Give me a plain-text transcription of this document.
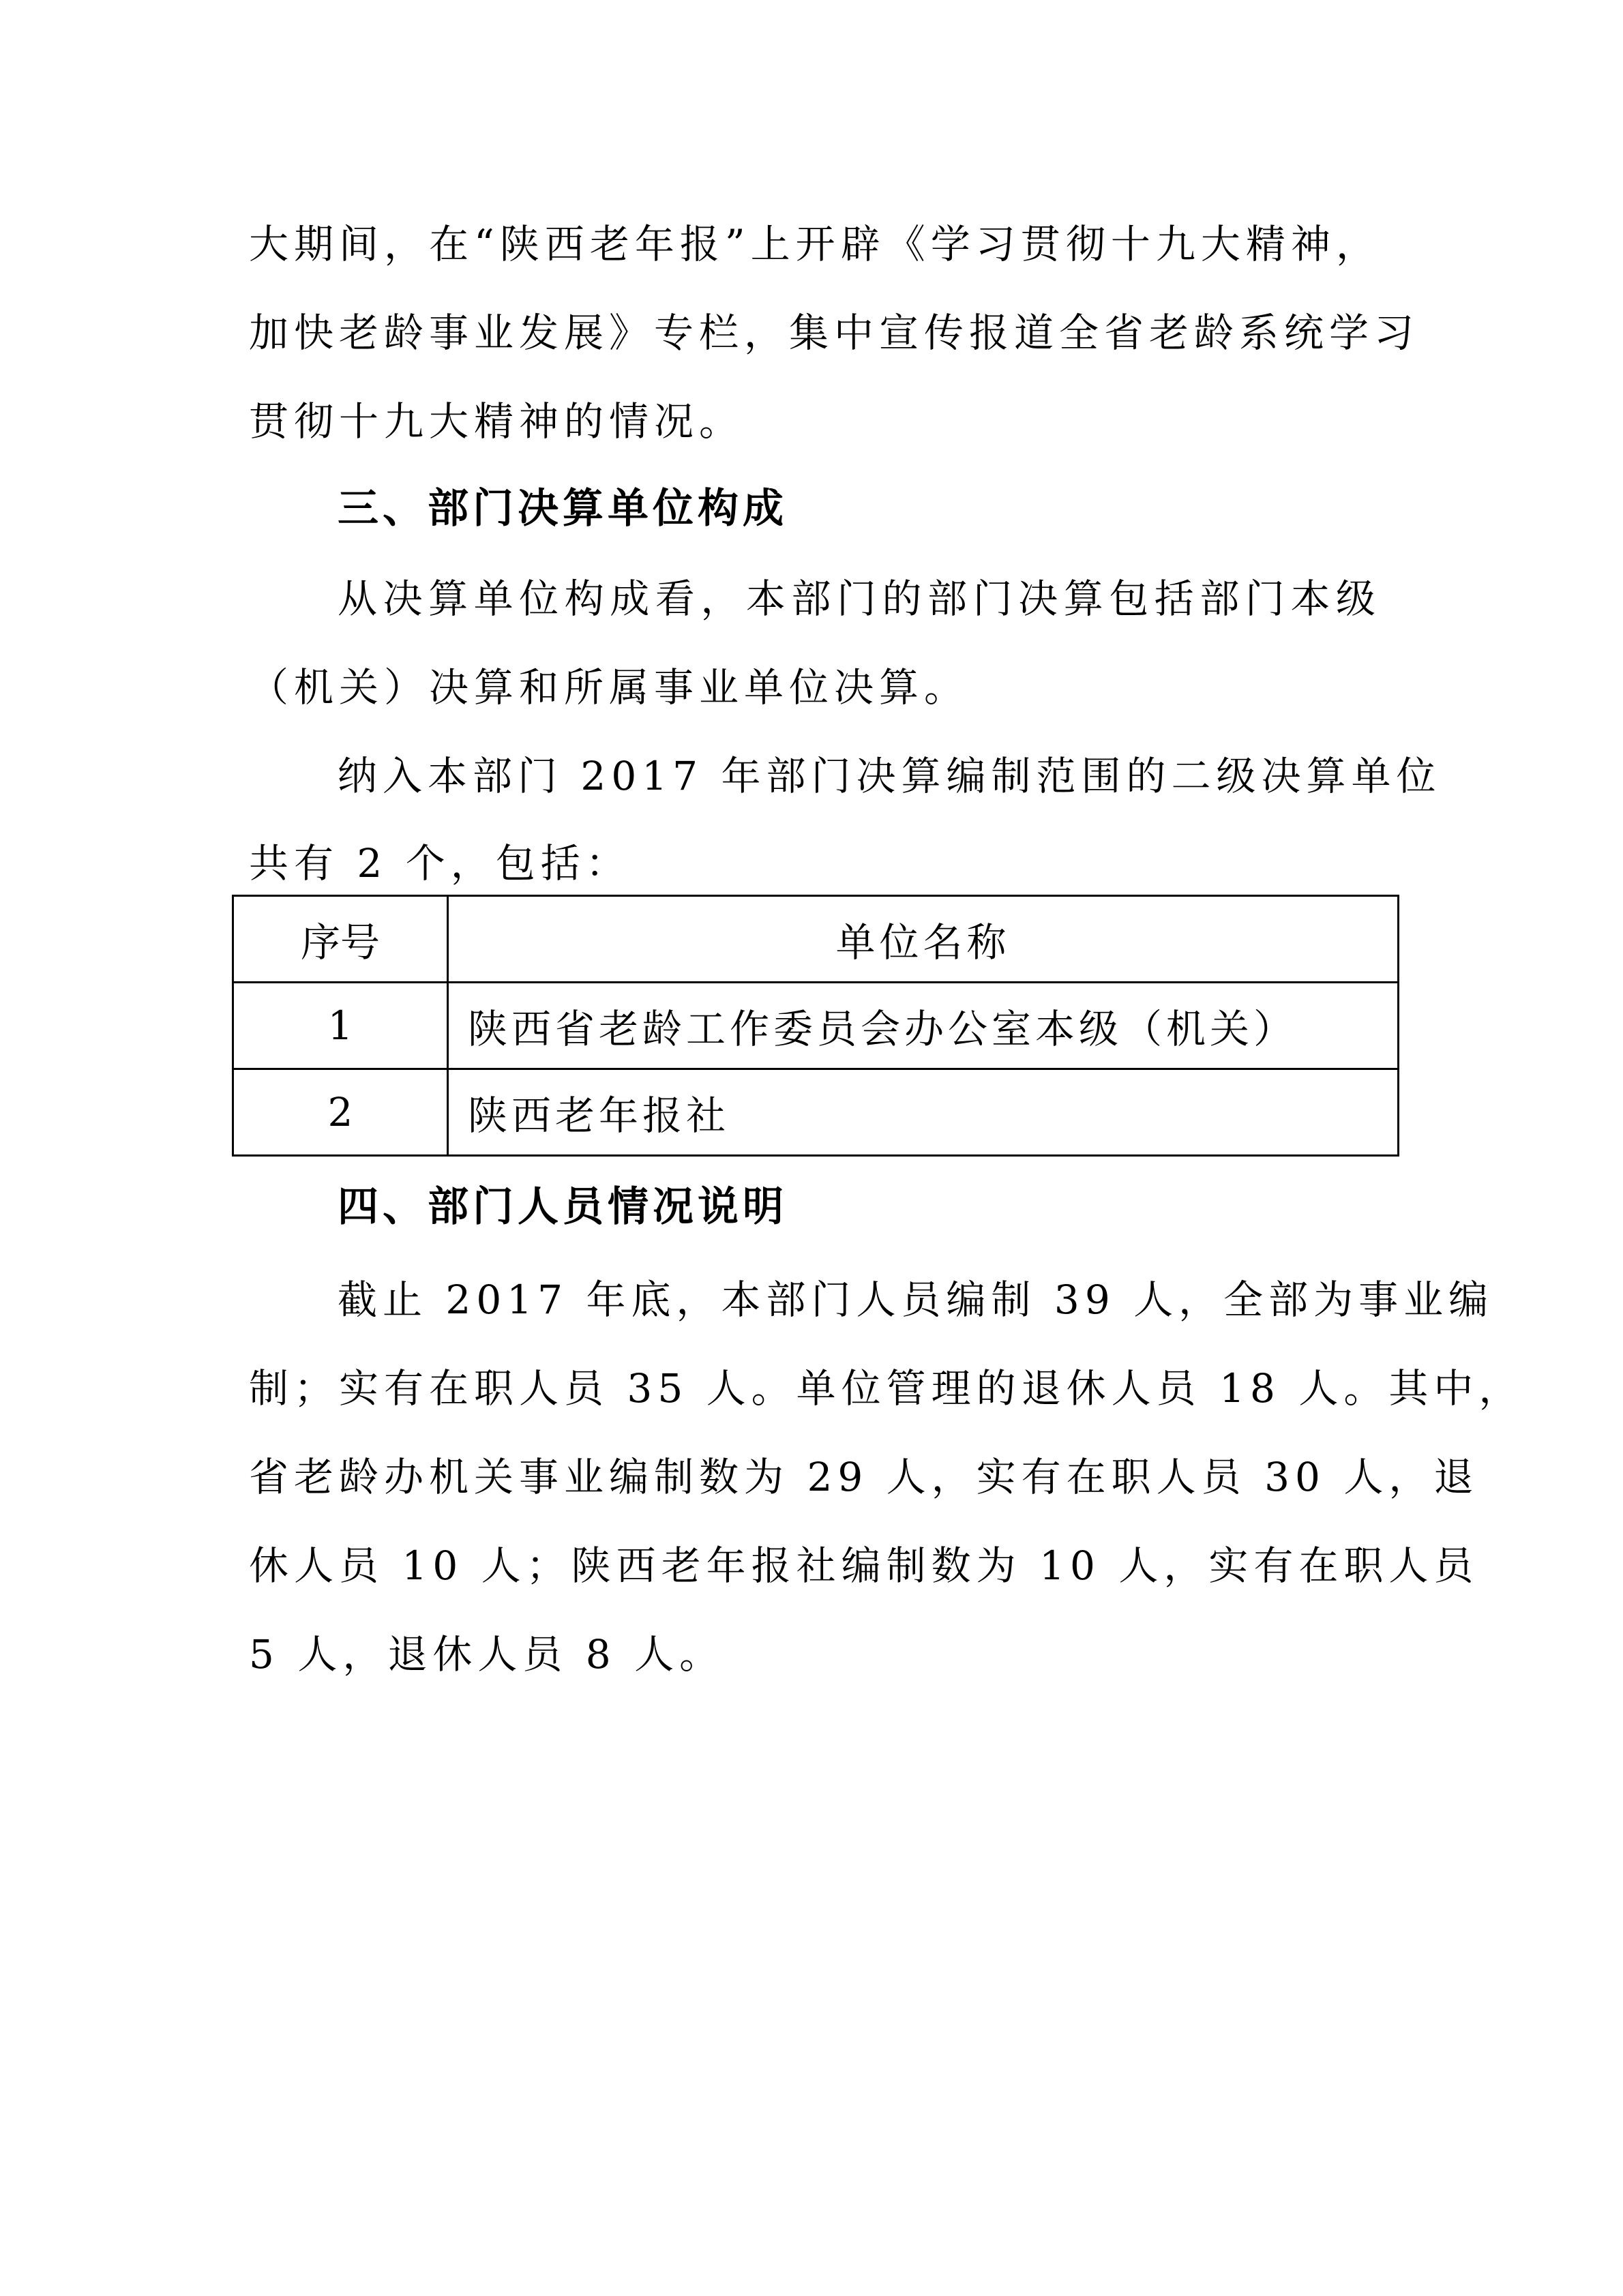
大期间，在“陕西老年报”上开辟《学习贯彻十九大精神，
加快老龄事业发展》专栏，集中宣传报道全省老龄系统学习
贯彻十九大精神的情况。
三、部门决算单位构成
从决算单位构成看，本部门的部门决算包括部门本级
（机关）决算和所属事业单位决算。
纳入本部门 2017 年部门决算编制范围的二级决算单位
共有 2 个，包括：
序号	单位名称
1	陕西省老龄工作委员会办公室本级（机关）
2	陕西老年报社
四、部门人员情况说明
截止 2017 年底，本部门人员编制 39 人，全部为事业编
制；实有在职人员 35 人。单位管理的退休人员 18 人。其中，
省老龄办机关事业编制数为 29 人，实有在职人员 30 人，退
休人员 10 人；陕西老年报社编制数为 10 人，实有在职人员
5 人，退休人员 8 人。
